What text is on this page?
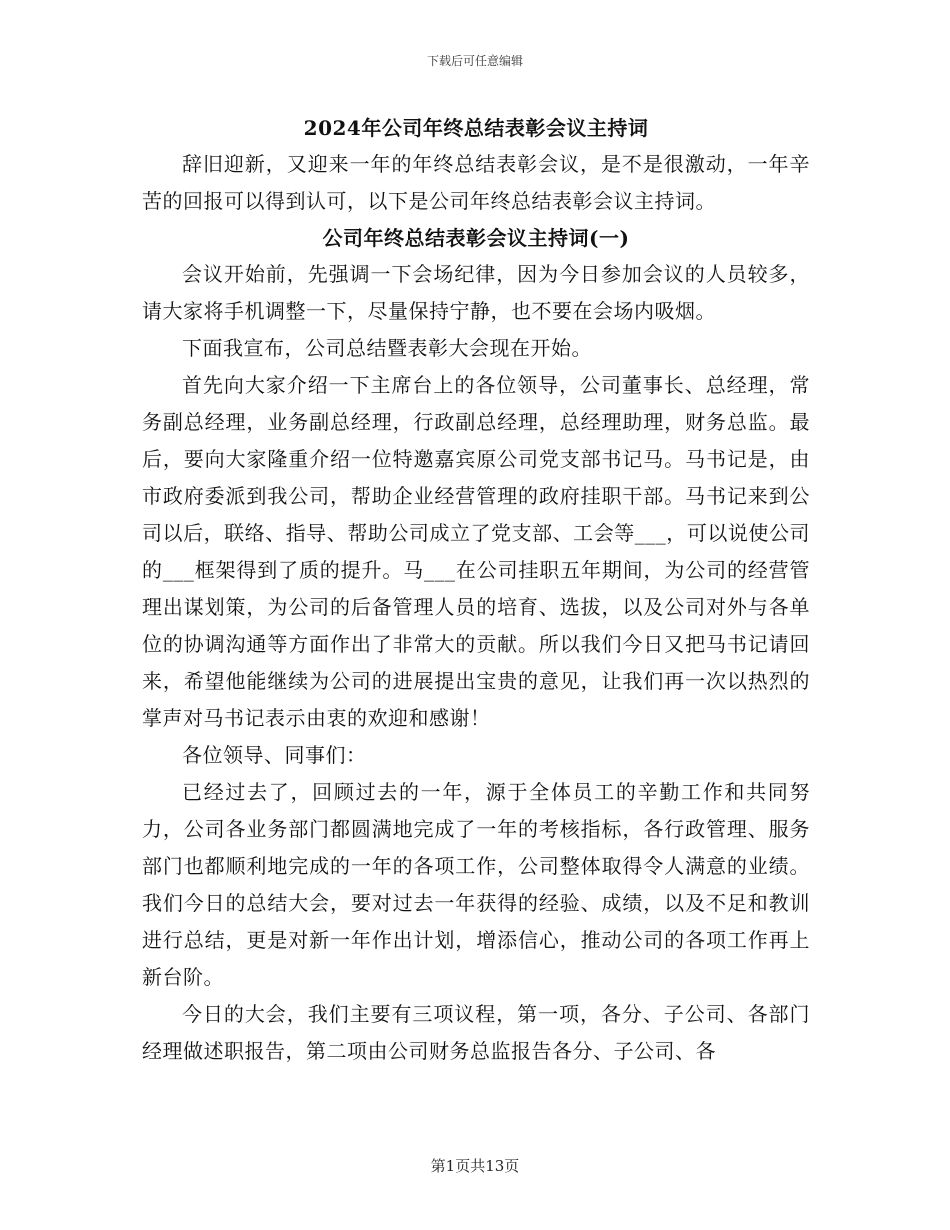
下载后可任意编辑
2024年公司年终总结表彰会议主持词

辞旧迎新，又迎来一年的年终总结表彰会议，是不是很激动，一年辛苦的回报可以得到认可，以下是公司年终总结表彰会议主持词。

公司年终总结表彰会议主持词(一)

会议开始前，先强调一下会场纪律，因为今日参加会议的人员较多，请大家将手机调整一下，尽量保持宁静，也不要在会场内吸烟。

下面我宣布，公司总结暨表彰大会现在开始。

首先向大家介绍一下主席台上的各位领导，公司董事长、总经理，常务副总经理，业务副总经理，行政副总经理，总经理助理，财务总监。最后，要向大家隆重介绍一位特邀嘉宾原公司党支部书记马。马书记是，由市政府委派到我公司，帮助企业经营管理的政府挂职干部。马书记来到公司以后，联络、指导、帮助公司成立了党支部、工会等___，可以说使公司的___框架得到了质的提升。马___在公司挂职五年期间，为公司的经营管理出谋划策，为公司的后备管理人员的培育、选拔，以及公司对外与各单位的协调沟通等方面作出了非常大的贡献。所以我们今日又把马书记请回来，希望他能继续为公司的进展提出宝贵的意见，让我们再一次以热烈的掌声对马书记表示由衷的欢迎和感谢！

各位领导、同事们：

已经过去了，回顾过去的一年，源于全体员工的辛勤工作和共同努力，公司各业务部门都圆满地完成了一年的考核指标，各行政管理、服务部门也都顺利地完成的一年的各项工作，公司整体取得令人满意的业绩。我们今日的总结大会，要对过去一年获得的经验、成绩，以及不足和教训进行总结，更是对新一年作出计划，增添信心，推动公司的各项工作再上新台阶。

今日的大会，我们主要有三项议程，第一项，各分、子公司、各部门经理做述职报告，第二项由公司财务总监报告各分、子公司、各

第1页共13页
